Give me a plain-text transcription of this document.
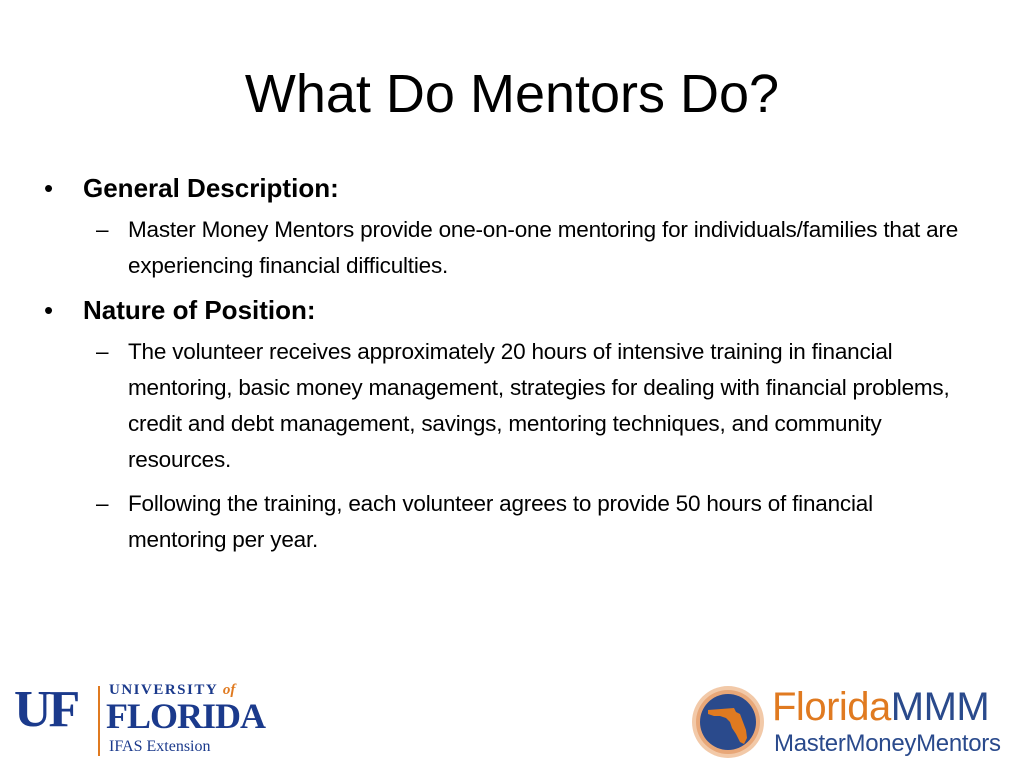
What Do Mentors Do?
• General Description:
– Master Money Mentors provide one-on-one mentoring for individuals/families that are experiencing financial difficulties.
• Nature of Position:
– The volunteer receives approximately 20 hours of intensive training in financial mentoring, basic money management, strategies for dealing with financial problems, credit and debt management, savings, mentoring techniques, and community resources.
– Following the training, each volunteer agrees to provide 50 hours of financial mentoring per year.
UF UNIVERSITY of
FLORIDA
IFAS Extension
FloridaMMM
MasterMoneyMentors
